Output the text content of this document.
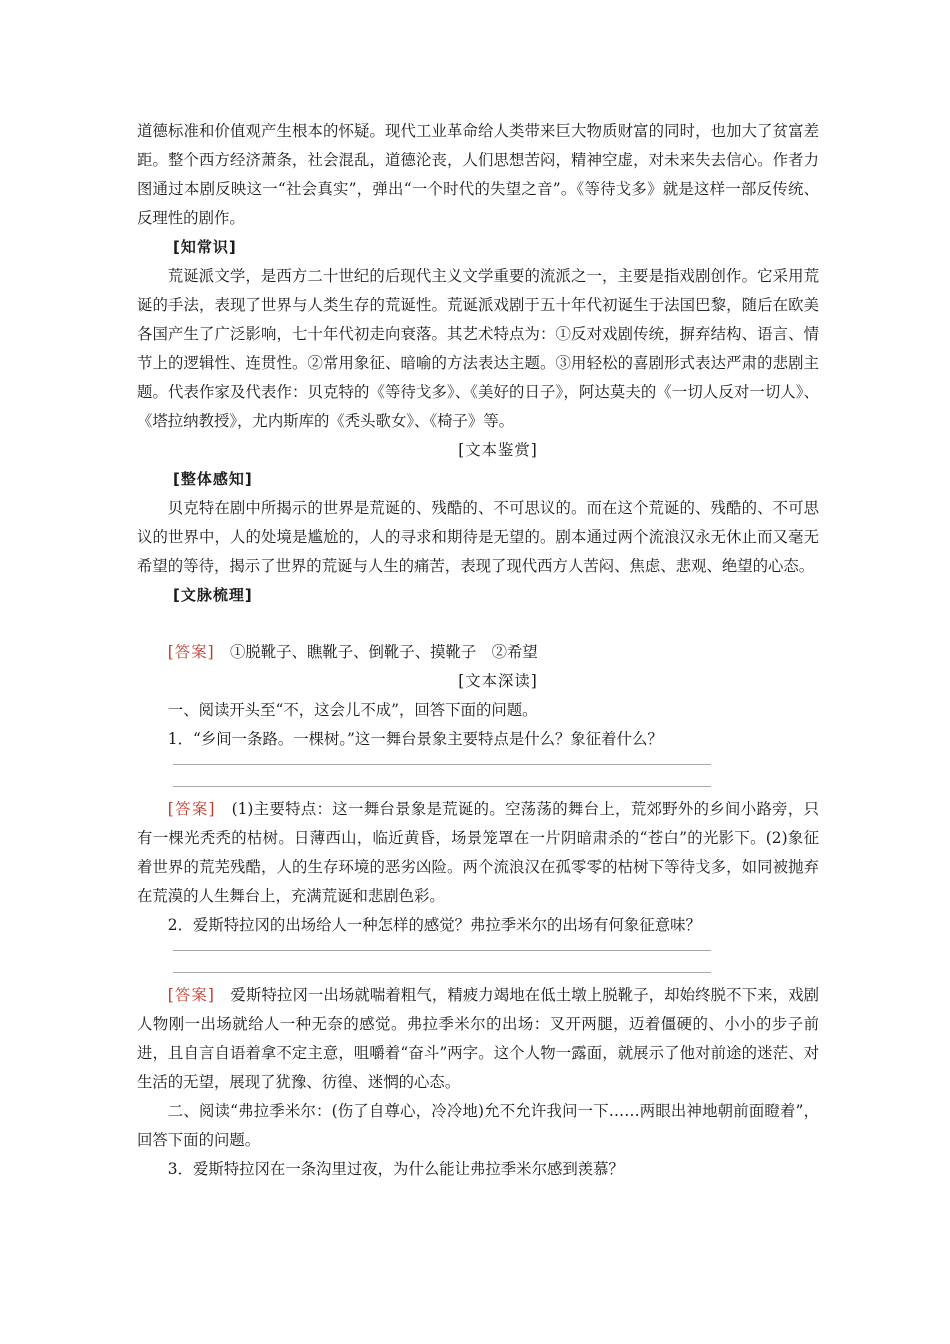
道德标准和价值观产生根本的怀疑。现代工业革命给人类带来巨大物质财富的同时，也加大了贫富差距。整个西方经济萧条，社会混乱，道德沦丧，人们思想苦闷，精神空虚，对未来失去信心。作者力图通过本剧反映这一“社会真实”，弹出“一个时代的失望之音”。《等待戈多》就是这样一部反传统、反理性的剧作。

[知常识]

荒诞派文学，是西方二十世纪的后现代主义文学重要的流派之一，主要是指戏剧创作。它采用荒诞的手法，表现了世界与人类生存的荒诞性。荒诞派戏剧于五十年代初诞生于法国巴黎，随后在欧美各国产生了广泛影响，七十年代初走向衰落。其艺术特点为：①反对戏剧传统，摒弃结构、语言、情节上的逻辑性、连贯性。②常用象征、暗喻的方法表达主题。③用轻松的喜剧形式表达严肃的悲剧主题。代表作家及代表作：贝克特的《等待戈多》、《美好的日子》，阿达莫夫的《一切人反对一切人》、《塔拉纳教授》，尤内斯库的《秃头歌女》、《椅子》等。

[文本鉴赏]

[整体感知]

贝克特在剧中所揭示的世界是荒诞的、残酷的、不可思议的。而在这个荒诞的、残酷的、不可思议的世界中，人的处境是尴尬的，人的寻求和期待是无望的。剧本通过两个流浪汉永无休止而又毫无希望的等待，揭示了世界的荒诞与人生的痛苦，表现了现代西方人苦闷、焦虑、悲观、绝望的心态。

[文脉梳理]

[答案]　 ①脱靴子、瞧靴子、倒靴子、摸靴子　②希望

[文本深读]

一、阅读开头至“不，这会儿不成”，回答下面的问题。

1．“乡间一条路。一棵树。”这一舞台景象主要特点是什么？象征着什么？

[答案]　 (1)主要特点：这一舞台景象是荒诞的。空荡荡的舞台上，荒郊野外的乡间小路旁，只有一棵光秃秃的枯树。日薄西山，临近黄昏，场景笼罩在一片阴暗肃杀的“苍白”的光影下。(2)象征着世界的荒芜残酷，人的生存环境的恶劣凶险。两个流浪汉在孤零零的枯树下等待戈多，如同被抛弃在荒漠的人生舞台上，充满荒诞和悲剧色彩。

2．爱斯特拉冈的出场给人一种怎样的感觉？弗拉季米尔的出场有何象征意味？

[答案]　 爱斯特拉冈一出场就喘着粗气，精疲力竭地在低土墩上脱靴子，却始终脱不下来，戏剧人物刚一出场就给人一种无奈的感觉。弗拉季米尔的出场：叉开两腿，迈着僵硬的、小小的步子前进，且自言自语着拿不定主意，咀嚼着“奋斗”两字。这个人物一露面，就展示了他对前途的迷茫、对生活的无望，展现了犹豫、彷徨、迷惘的心态。

二、阅读“弗拉季米尔：(伤了自尊心，冷冷地)允不允许我问一下……两眼出神地朝前面瞪着”，回答下面的问题。

3．爱斯特拉冈在一条沟里过夜，为什么能让弗拉季米尔感到羡慕？
